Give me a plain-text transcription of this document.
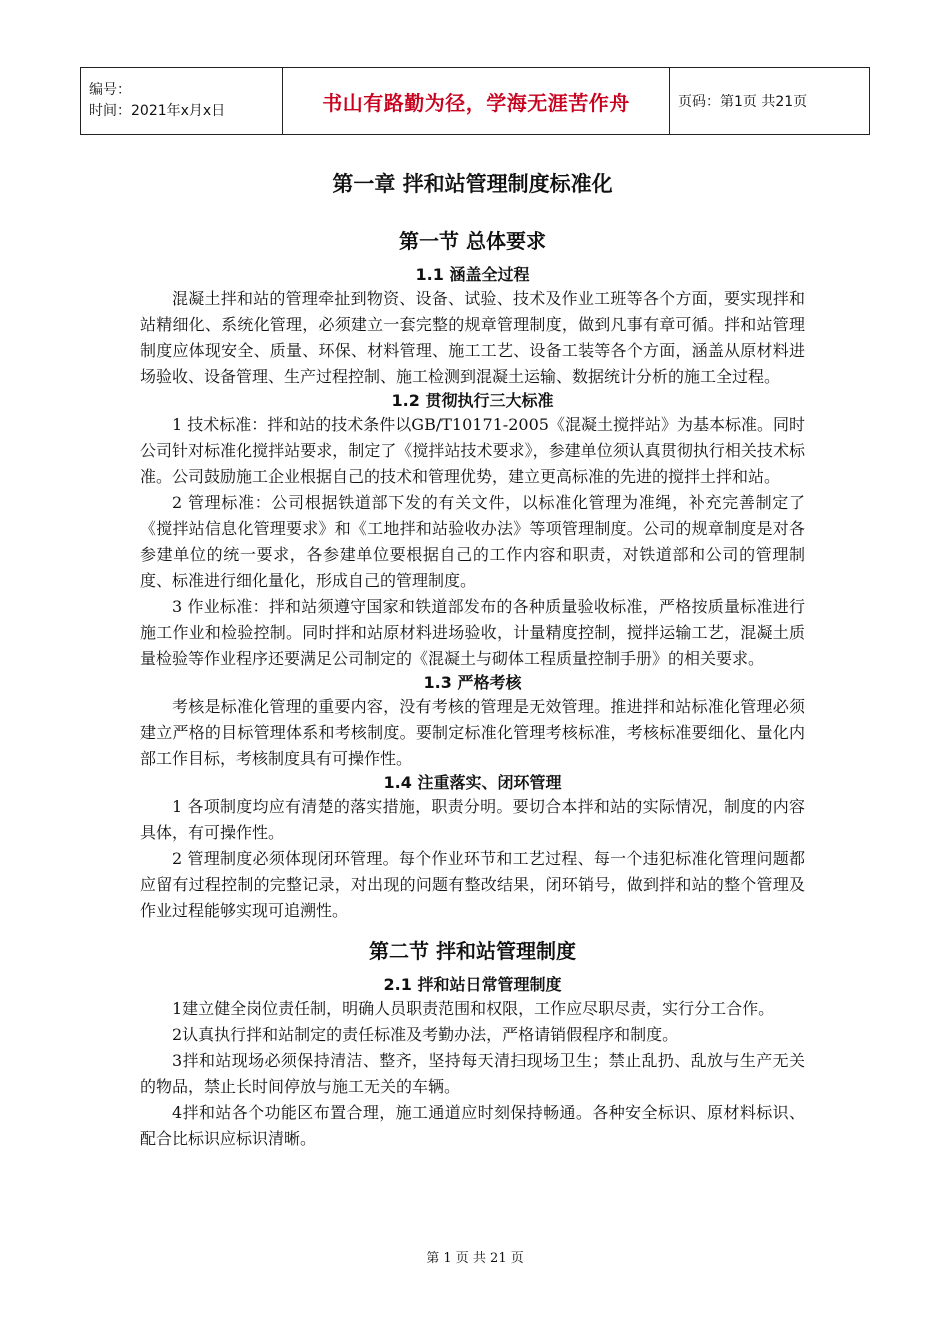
编号：
时间：2021年x月x日	书山有路勤为径，学海无涯苦作舟	页码：第1页 共21页
第一章 拌和站管理制度标准化
第一节 总体要求
1.1 涵盖全过程

混凝土拌和站的管理牵扯到物资、设备、试验、技术及作业工班等各个方面，要实现拌和站精细化、系统化管理，必须建立一套完整的规章管理制度，做到凡事有章可循。拌和站管理制度应体现安全、质量、环保、材料管理、施工工艺、设备工装等各个方面，涵盖从原材料进场验收、设备管理、生产过程控制、施工检测到混凝土运输、数据统计分析的施工全过程。

1.2 贯彻执行三大标准

1 技术标准：拌和站的技术条件以GB/T10171-2005《混凝土搅拌站》为基本标准。同时公司针对标准化搅拌站要求，制定了《搅拌站技术要求》，参建单位须认真贯彻执行相关技术标准。公司鼓励施工企业根据自己的技术和管理优势，建立更高标准的先进的搅拌土拌和站。

2 管理标准：公司根据铁道部下发的有关文件，以标准化管理为准绳，补充完善制定了《搅拌站信息化管理要求》和《工地拌和站验收办法》等项管理制度。公司的规章制度是对各参建单位的统一要求，各参建单位要根据自己的工作内容和职责，对铁道部和公司的管理制度、标准进行细化量化，形成自己的管理制度。

3 作业标准：拌和站须遵守国家和铁道部发布的各种质量验收标准，严格按质量标准进行施工作业和检验控制。同时拌和站原材料进场验收，计量精度控制，搅拌运输工艺，混凝土质量检验等作业程序还要满足公司制定的《混凝土与砌体工程质量控制手册》的相关要求。

1.3 严格考核

考核是标准化管理的重要内容，没有考核的管理是无效管理。推进拌和站标准化管理必须建立严格的目标管理体系和考核制度。要制定标准化管理考核标准，考核标准要细化、量化内部工作目标，考核制度具有可操作性。

1.4 注重落实、闭环管理

1 各项制度均应有清楚的落实措施，职责分明。要切合本拌和站的实际情况，制度的内容具体，有可操作性。

2 管理制度必须体现闭环管理。每个作业环节和工艺过程、每一个违犯标准化管理问题都应留有过程控制的完整记录，对出现的问题有整改结果，闭环销号，做到拌和站的整个管理及作业过程能够实现可追溯性。

第二节 拌和站管理制度
2.1 拌和站日常管理制度

1建立健全岗位责任制，明确人员职责范围和权限，工作应尽职尽责，实行分工合作。

2认真执行拌和站制定的责任标准及考勤办法，严格请销假程序和制度。

3拌和站现场必须保持清洁、整齐，坚持每天清扫现场卫生；禁止乱扔、乱放与生产无关的物品，禁止长时间停放与施工无关的车辆。

4拌和站各个功能区布置合理，施工通道应时刻保持畅通。各种安全标识、原材料标识、配合比标识应标识清晰。

第 1 页 共 21 页
